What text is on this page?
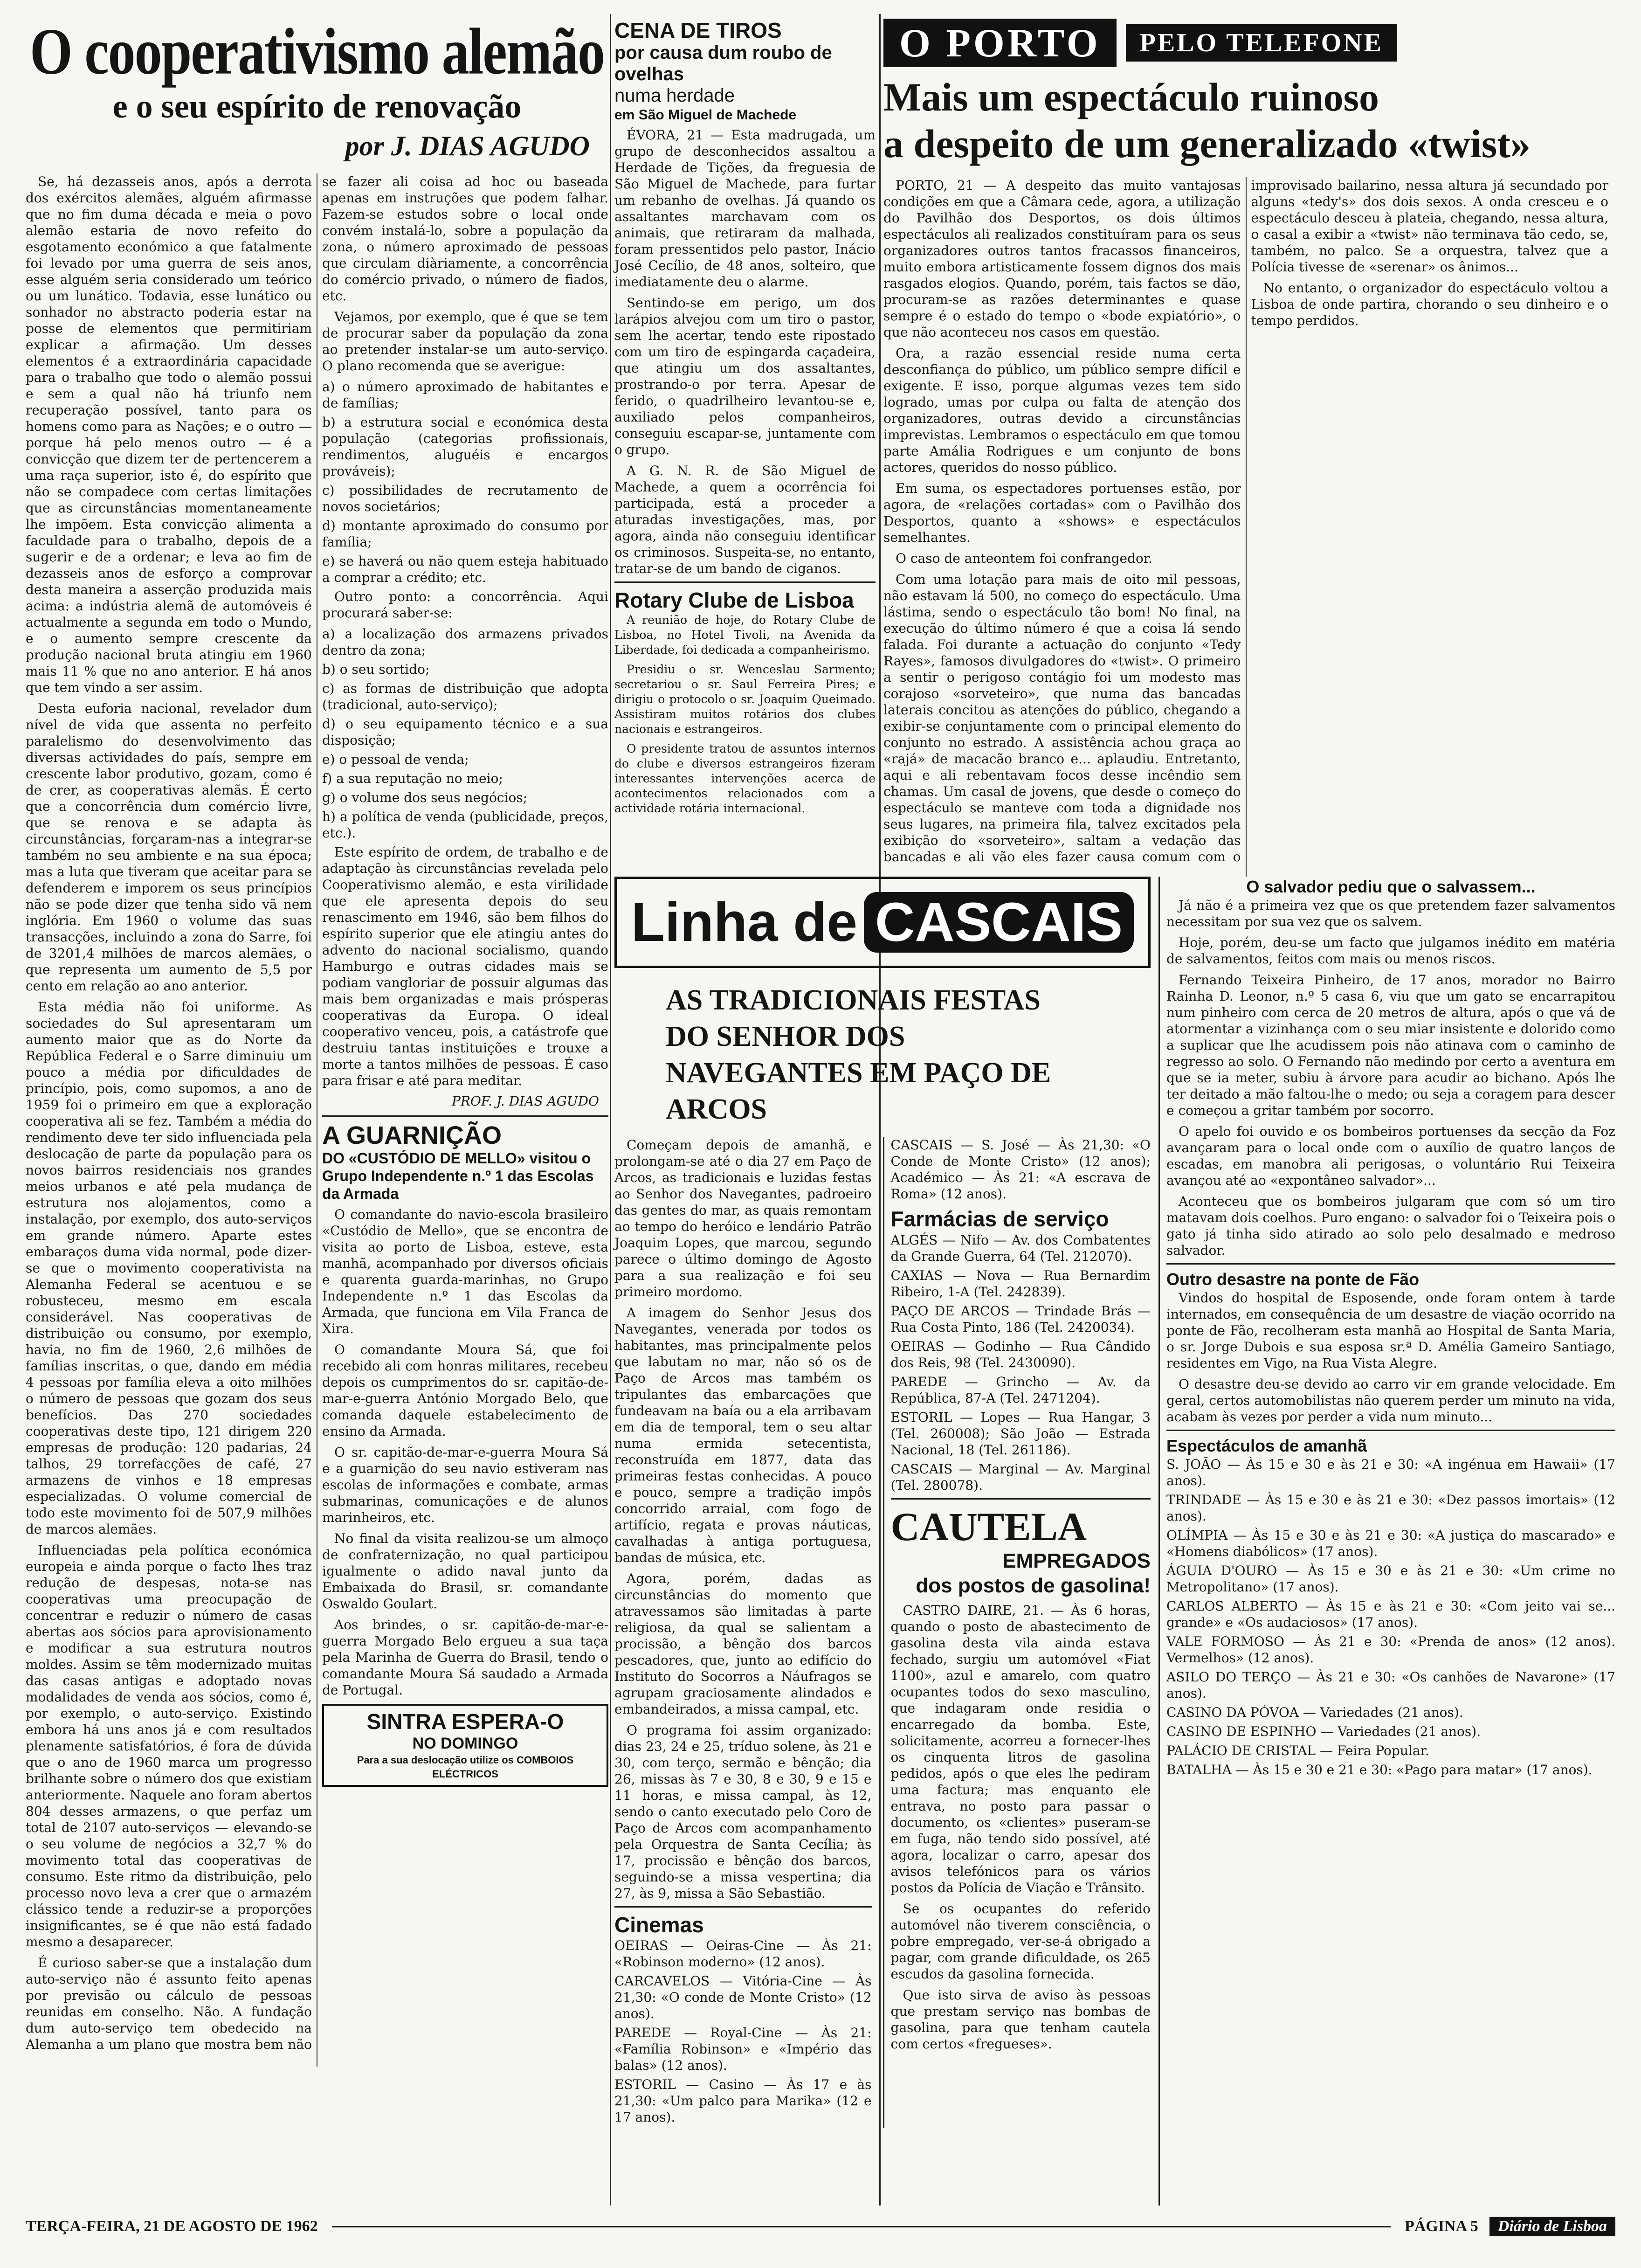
O cooperativismo alemão
e o seu espírito de renovação
por J. DIAS AGUDO

Se, há dezasseis anos, após a derrota dos exércitos alemães, alguém afirmasse que no fim duma década e meia o povo alemão estaria de novo refeito do esgotamento económico a que fatalmente foi levado por uma guerra de seis anos, esse alguém seria considerado um teórico ou um lunático. Todavia, esse lunático ou sonhador no abstracto poderia estar na posse de elementos que permitiriam explicar a afirmação. Um desses elementos é a extraordinária capacidade para o trabalho que todo o alemão possui e sem a qual não há triunfo nem recuperação possível, tanto para os homens como para as Nações; e o outro — porque há pelo menos outro — é a convicção que dizem ter de pertencerem a uma raça superior, isto é, do espírito que não se compadece com certas limitações que as circunstâncias momentaneamente lhe impõem. Esta convicção alimenta a faculdade para o trabalho, depois de a sugerir e de a ordenar; e leva ao fim de dezasseis anos de esforço a comprovar desta maneira a asserção produzida mais acima: a indústria alemã de automóveis é actualmente a segunda em todo o Mundo, e o aumento sempre crescente da produção nacional bruta atingiu em 1960 mais 11 % que no ano anterior. E há anos que tem vindo a ser assim.

Desta euforia nacional, revelador dum nível de vida que assenta no perfeito paralelismo do desenvolvimento das diversas actividades do país, sempre em crescente labor produtivo, gozam, como é de crer, as cooperativas alemãs. É certo que a concorrência dum comércio livre, que se renova e se adapta às circunstâncias, forçaram-nas a integrar-se também no seu ambiente e na sua época; mas a luta que tiveram que aceitar para se defenderem e imporem os seus princípios não se pode dizer que tenha sido vã nem inglória. Em 1960 o volume das suas transacções, incluindo a zona do Sarre, foi de 3201,4 milhões de marcos alemães, o que representa um aumento de 5,5 por cento em relação ao ano anterior.

Esta média não foi uniforme. As sociedades do Sul apresentaram um aumento maior que as do Norte da República Federal e o Sarre diminuiu um pouco a média por dificuldades de princípio, pois, como supomos, a ano de 1959 foi o primeiro em que a exploração cooperativa ali se fez. Também a média do rendimento deve ter sido influenciada pela deslocação de parte da população para os novos bairros residenciais nos grandes meios urbanos e até pela mudança de estrutura nos alojamentos, como a instalação, por exemplo, dos auto-serviços em grande número. Aparte estes embaraços duma vida normal, pode dizer-se que o movimento cooperativista na Alemanha Federal se acentuou e se robusteceu, mesmo em escala considerável. Nas cooperativas de distribuição ou consumo, por exemplo, havia, no fim de 1960, 2,6 milhões de famílias inscritas, o que, dando em média 4 pessoas por família eleva a oito milhões o número de pessoas que gozam dos seus benefícios. Das 270 sociedades cooperativas deste tipo, 121 dirigem 220 empresas de produção: 120 padarias, 24 talhos, 29 torrefacções de café, 27 armazens de vinhos e 18 empresas especializadas. O volume comercial de todo este movimento foi de 507,9 milhões de marcos alemães.

Influenciadas pela política económica europeia e ainda porque o facto lhes traz redução de despesas, nota-se nas cooperativas uma preocupação de concentrar e reduzir o número de casas abertas aos sócios para aprovisionamento e modificar a sua estrutura noutros moldes. Assim se têm modernizado muitas das casas antigas e adoptado novas modalidades de venda aos sócios, como é, por exemplo, o auto-serviço. Existindo embora há uns anos já e com resultados plenamente satisfatórios, é fora de dúvida que o ano de 1960 marca um progresso brilhante sobre o número dos que existiam anteriormente. Naquele ano foram abertos 804 desses armazens, o que perfaz um total de 2107 auto-serviços — elevando-se o seu volume de negócios a 32,7 % do movimento total das cooperativas de consumo. Este ritmo da distribuição, pelo processo novo leva a crer que o armazém clássico tende a reduzir-se a proporções insignificantes, se é que não está fadado mesmo a desaparecer.

É curioso saber-se que a instalação dum auto-serviço não é assunto feito apenas por previsão ou cálculo de pessoas reunidas em conselho. Não. A fundação dum auto-serviço tem obedecido na Alemanha a um plano que mostra bem não se fazer ali coisa ad hoc ou baseada apenas em instruções que podem falhar. Fazem-se estudos sobre o local onde convém instalá-lo, sobre a população da zona, o número aproximado de pessoas que circulam diàriamente, a concorrência do comércio privado, o número de fiados, etc.

Vejamos, por exemplo, que é que se tem de procurar saber da população da zona ao pretender instalar-se um auto-serviço. O plano recomenda que se averigue:

a) o número aproximado de habitantes e de famílias;

b) a estrutura social e económica desta população (categorias profissionais, rendimentos, aluguéis e encargos prováveis);

c) possibilidades de recrutamento de novos societários;

d) montante aproximado do consumo por família;

e) se haverá ou não quem esteja habituado a comprar a crédito; etc.

Outro ponto: a concorrência. Aqui procurará saber-se:

a) a localização dos armazens privados dentro da zona;

b) o seu sortido;

c) as formas de distribuição que adopta (tradicional, auto-serviço);

d) o seu equipamento técnico e a sua disposição;

e) o pessoal de venda;

f) a sua reputação no meio;

g) o volume dos seus negócios;

h) a política de venda (publicidade, preços, etc.).

Este espírito de ordem, de trabalho e de adaptação às circunstâncias revelada pelo Cooperativismo alemão, e esta virilidade que ele apresenta depois do seu renascimento em 1946, são bem filhos do espírito superior que ele atingiu antes do advento do nacional socialismo, quando Hamburgo e outras cidades mais se podiam vangloriar de possuir algumas das mais bem organizadas e mais prósperas cooperativas da Europa. O ideal cooperativo venceu, pois, a catástrofe que destruiu tantas instituições e trouxe a morte a tantos milhões de pessoas. É caso para frisar e até para meditar.

PROF. J. DIAS AGUDO
A GUARNIÇÃO
DO «CUSTÓDIO DE MELLO» visitou o Grupo Independente n.º 1 das Escolas da Armada

O comandante do navio-escola brasileiro «Custódio de Mello», que se encontra de visita ao porto de Lisboa, esteve, esta manhã, acompanhado por diversos oficiais e quarenta guarda-marinhas, no Grupo Independente n.º 1 das Escolas da Armada, que funciona em Vila Franca de Xira.

O comandante Moura Sá, que foi recebido ali com honras militares, recebeu depois os cumprimentos do sr. capitão-de-mar-e-guerra António Morgado Belo, que comanda daquele estabelecimento de ensino da Armada.

O sr. capitão-de-mar-e-guerra Moura Sá e a guarnição do seu navio estiveram nas escolas de informações e combate, armas submarinas, comunicações e de alunos marinheiros, etc.

No final da visita realizou-se um almoço de confraternização, no qual participou igualmente o adido naval junto da Embaixada do Brasil, sr. comandante Oswaldo Goulart.

Aos brindes, o sr. capitão-de-mar-e-guerra Morgado Belo ergueu a sua taça pela Marinha de Guerra do Brasil, tendo o comandante Moura Sá saudado a Armada de Portugal.

SINTRA ESPERA-O
NO DOMINGO
Para a sua deslocação utilize os COMBOIOS ELÉCTRICOS
CENA DE TIROS
por causa dum roubo de ovelhas
numa herdade
em São Miguel de Machede

ÉVORA, 21 — Esta madrugada, um grupo de desconhecidos assaltou a Herdade de Tições, da freguesia de São Miguel de Machede, para furtar um rebanho de ovelhas. Já quando os assaltantes marchavam com os animais, que retiraram da malhada, foram pressentidos pelo pastor, Inácio José Cecílio, de 48 anos, solteiro, que imediatamente deu o alarme.

Sentindo-se em perigo, um dos larápios alvejou com um tiro o pastor, sem lhe acertar, tendo este ripostado com um tiro de espingarda caçadeira, que atingiu um dos assaltantes, prostrando-o por terra. Apesar de ferido, o quadrilheiro levantou-se e, auxiliado pelos companheiros, conseguiu escapar-se, juntamente com o grupo.

A G. N. R. de São Miguel de Machede, a quem a ocorrência foi participada, está a proceder a aturadas investigações, mas, por agora, ainda não conseguiu identificar os criminosos. Suspeita-se, no entanto, tratar-se de um bando de ciganos.

Rotary Clube de Lisboa

A reunião de hoje, do Rotary Clube de Lisboa, no Hotel Tivoli, na Avenida da Liberdade, foi dedicada a companheirismo.

Presidiu o sr. Wenceslau Sarmento; secretariou o sr. Saul Ferreira Pires; e dirigiu o protocolo o sr. Joaquim Queimado. Assistiram muitos rotários dos clubes nacionais e estrangeiros.

O presidente tratou de assuntos internos do clube e diversos estrangeiros fizeram interessantes intervenções acerca de acontecimentos relacionados com a actividade rotária internacional.

Linha de CASCAIS
AS TRADICIONAIS FESTAS DO SENHOR DOS NAVEGANTES EM PAÇO DE ARCOS

Começam depois de amanhã, e prolongam-se até o dia 27 em Paço de Arcos, as tradicionais e luzidas festas ao Senhor dos Navegantes, padroeiro das gentes do mar, as quais remontam ao tempo do heróico e lendário Patrão Joaquim Lopes, que marcou, segundo parece o último domingo de Agosto para a sua realização e foi seu primeiro mordomo.

A imagem do Senhor Jesus dos Navegantes, venerada por todos os habitantes, mas principalmente pelos que labutam no mar, não só os de Paço de Arcos mas também os tripulantes das embarcações que fundeavam na baía ou a ela arribavam em dia de temporal, tem o seu altar numa ermida setecentista, reconstruída em 1877, data das primeiras festas conhecidas. A pouco e pouco, sempre a tradição impôs concorrido arraial, com fogo de artifício, regata e provas náuticas, cavalhadas à antiga portuguesa, bandas de música, etc.

Agora, porém, dadas as circunstâncias do momento que atravessamos são limitadas à parte religiosa, da qual se salientam a procissão, a bênção dos barcos pescadores, que, junto ao edifício do Instituto do Socorros a Náufragos se agrupam graciosamente alindados e embandeirados, a missa campal, etc.

O programa foi assim organizado: dias 23, 24 e 25, tríduo solene, às 21 e 30, com terço, sermão e bênção; dia 26, missas às 7 e 30, 8 e 30, 9 e 15 e 11 horas, e missa campal, às 12, sendo o canto executado pelo Coro de Paço de Arcos com acompanhamento pela Orquestra de Santa Cecília; às 17, procissão e bênção dos barcos, seguindo-se a missa vespertina; dia 27, às 9, missa a São Sebastião.

Cinemas

OEIRAS — Oeiras-Cine — Às 21: «Robinson moderno» (12 anos).

CARCAVELOS — Vitória-Cine — Às 21,30: «O conde de Monte Cristo» (12 anos).

PAREDE — Royal-Cine — Às 21: «Família Robinson» e «Império das balas» (12 anos).

ESTORIL — Casino — Às 17 e às 21,30: «Um palco para Marika» (12 e 17 anos).

CASCAIS — S. José — Às 21,30: «O Conde de Monte Cristo» (12 anos); Académico — Às 21: «A escrava de Roma» (12 anos).

Farmácias de serviço

ALGÉS — Nifo — Av. dos Combatentes da Grande Guerra, 64 (Tel. 212070).

CAXIAS — Nova — Rua Bernardim Ribeiro, 1-A (Tel. 242839).

PAÇO DE ARCOS — Trindade Brás — Rua Costa Pinto, 186 (Tel. 2420034).

OEIRAS — Godinho — Rua Cândido dos Reis, 98 (Tel. 2430090).

PAREDE — Grincho — Av. da República, 87-A (Tel. 2471204).

ESTORIL — Lopes — Rua Hangar, 3 (Tel. 260008); São João — Estrada Nacional, 18 (Tel. 261186).

CASCAIS — Marginal — Av. Marginal (Tel. 280078).

CAUTELA
EMPREGADOS
dos postos de gasolina!

CASTRO DAIRE, 21. — Às 6 horas, quando o posto de abastecimento de gasolina desta vila ainda estava fechado, surgiu um automóvel «Fiat 1100», azul e amarelo, com quatro ocupantes todos do sexo masculino, que indagaram onde residia o encarregado da bomba. Este, solicitamente, acorreu a fornecer-lhes os cinquenta litros de gasolina pedidos, após o que eles lhe pediram uma factura; mas enquanto ele entrava, no posto para passar o documento, os «clientes» puseram-se em fuga, não tendo sido possível, até agora, localizar o carro, apesar dos avisos telefónicos para os vários postos da Polícia de Viação e Trânsito.

Se os ocupantes do referido automóvel não tiverem consciência, o pobre empregado, ver-se-á obrigado a pagar, com grande dificuldade, os 265 escudos da gasolina fornecida.

Que isto sirva de aviso às pessoas que prestam serviço nas bombas de gasolina, para que tenham cautela com certos «fregueses».

O PORTO	PELO TELEFONE
Mais um espectáculo ruinoso
a despeito de um generalizado «twist»

PORTO, 21 — A despeito das muito vantajosas condições em que a Câmara cede, agora, a utilização do Pavilhão dos Desportos, os dois últimos espectáculos ali realizados constituíram para os seus organizadores outros tantos fracassos financeiros, muito embora artisticamente fossem dignos dos mais rasgados elogios. Quando, porém, tais factos se dão, procuram-se as razões determinantes e quase sempre é o estado do tempo o «bode expiatório», o que não aconteceu nos casos em questão.

Ora, a razão essencial reside numa certa desconfiança do público, um público sempre difícil e exigente. E isso, porque algumas vezes tem sido logrado, umas por culpa ou falta de atenção dos organizadores, outras devido a circunstâncias imprevistas. Lembramos o espectáculo em que tomou parte Amália Rodrigues e um conjunto de bons actores, queridos do nosso público.

Em suma, os espectadores portuenses estão, por agora, de «relações cortadas» com o Pavilhão dos Desportos, quanto a «shows» e espectáculos semelhantes.

O caso de anteontem foi confrangedor.

Com uma lotação para mais de oito mil pessoas, não estavam lá 500, no começo do espectáculo. Uma lástima, sendo o espectáculo tão bom! No final, na execução do último número é que a coisa lá sendo falada. Foi durante a actuação do conjunto «Tedy Rayes», famosos divulgadores do «twist». O primeiro a sentir o perigoso contágio foi um modesto mas corajoso «sorveteiro», que numa das bancadas laterais concitou as atenções do público, chegando a exibir-se conjuntamente com o principal elemento do conjunto no estrado. A assistência achou graça ao «rajá» de macacão branco e... aplaudiu. Entretanto, aqui e ali rebentavam focos desse incêndio sem chamas. Um casal de jovens, que desde o começo do espectáculo se manteve com toda a dignidade nos seus lugares, na primeira fila, talvez excitados pela exibição do «sorveteiro», saltam a vedação das bancadas e ali vão eles fazer causa comum com o improvisado bailarino, nessa altura já secundado por alguns «tedy's» dos dois sexos. A onda cresceu e o espectáculo desceu à plateia, chegando, nessa altura, o casal a exibir a «twist» não terminava tão cedo, se, também, no palco. Se a orquestra, talvez que a Polícia tivesse de «serenar» os ânimos...

No entanto, o organizador do espectáculo voltou a Lisboa de onde partira, chorando o seu dinheiro e o tempo perdidos.

O salvador pediu que o salvassem...

Já não é a primeira vez que os que pretendem fazer salvamentos necessitam por sua vez que os salvem.

Hoje, porém, deu-se um facto que julgamos inédito em matéria de salvamentos, feitos com mais ou menos riscos.

Fernando Teixeira Pinheiro, de 17 anos, morador no Bairro Rainha D. Leonor, n.º 5 casa 6, viu que um gato se encarrapitou num pinheiro com cerca de 20 metros de altura, após o que vá de atormentar a vizinhança com o seu miar insistente e dolorido como a suplicar que lhe acudissem pois não atinava com o caminho de regresso ao solo. O Fernando não medindo por certo a aventura em que se ia meter, subiu à árvore para acudir ao bichano. Após lhe ter deitado a mão faltou-lhe o medo; ou seja a coragem para descer e começou a gritar também por socorro.

O apelo foi ouvido e os bombeiros portuenses da secção da Foz avançaram para o local onde com o auxílio de quatro lanços de escadas, em manobra ali perigosas, o voluntário Rui Teixeira avançou até ao «expontâneo salvador»...

Aconteceu que os bombeiros julgaram que com só um tiro matavam dois coelhos. Puro engano: o salvador foi o Teixeira pois o gato já tinha sido atirado ao solo pelo desalmado e medroso salvador.

Outro desastre na ponte de Fão

Vindos do hospital de Esposende, onde foram ontem à tarde internados, em consequência de um desastre de viação ocorrido na ponte de Fão, recolheram esta manhã ao Hospital de Santa Maria, o sr. Jorge Dubois e sua esposa sr.ª D. Amélia Gameiro Santiago, residentes em Vigo, na Rua Vista Alegre.

O desastre deu-se devido ao carro vir em grande velocidade. Em geral, certos automobilistas não querem perder um minuto na vida, acabam às vezes por perder a vida num minuto...

Espectáculos de amanhã

S. JOÃO — Às 15 e 30 e às 21 e 30: «A ingénua em Hawaii» (17 anos).

TRINDADE — Às 15 e 30 e às 21 e 30: «Dez passos imortais» (12 anos).

OLÍMPIA — Às 15 e 30 e às 21 e 30: «A justiça do mascarado» e «Homens diabólicos» (17 anos).

ÁGUIA D'OURO — Às 15 e 30 e às 21 e 30: «Um crime no Metropolitano» (17 anos).

CARLOS ALBERTO — Às 15 e às 21 e 30: «Com jeito vai se... grande» e «Os audaciosos» (17 anos).

VALE FORMOSO — Às 21 e 30: «Prenda de anos» (12 anos). Vermelhos» (12 anos).

ASILO DO TERÇO — Às 21 e 30: «Os canhões de Navarone» (17 anos).

CASINO DA PÓVOA — Variedades (21 anos).

CASINO DE ESPINHO — Variedades (21 anos).

PALÁCIO DE CRISTAL — Feira Popular.

BATALHA — Às 15 e 30 e 21 e 30: «Pago para matar» (17 anos).

TERÇA-FEIRA, 21 DE AGOSTO DE 1962	PÁGINA 5	Diário de Lisboa
